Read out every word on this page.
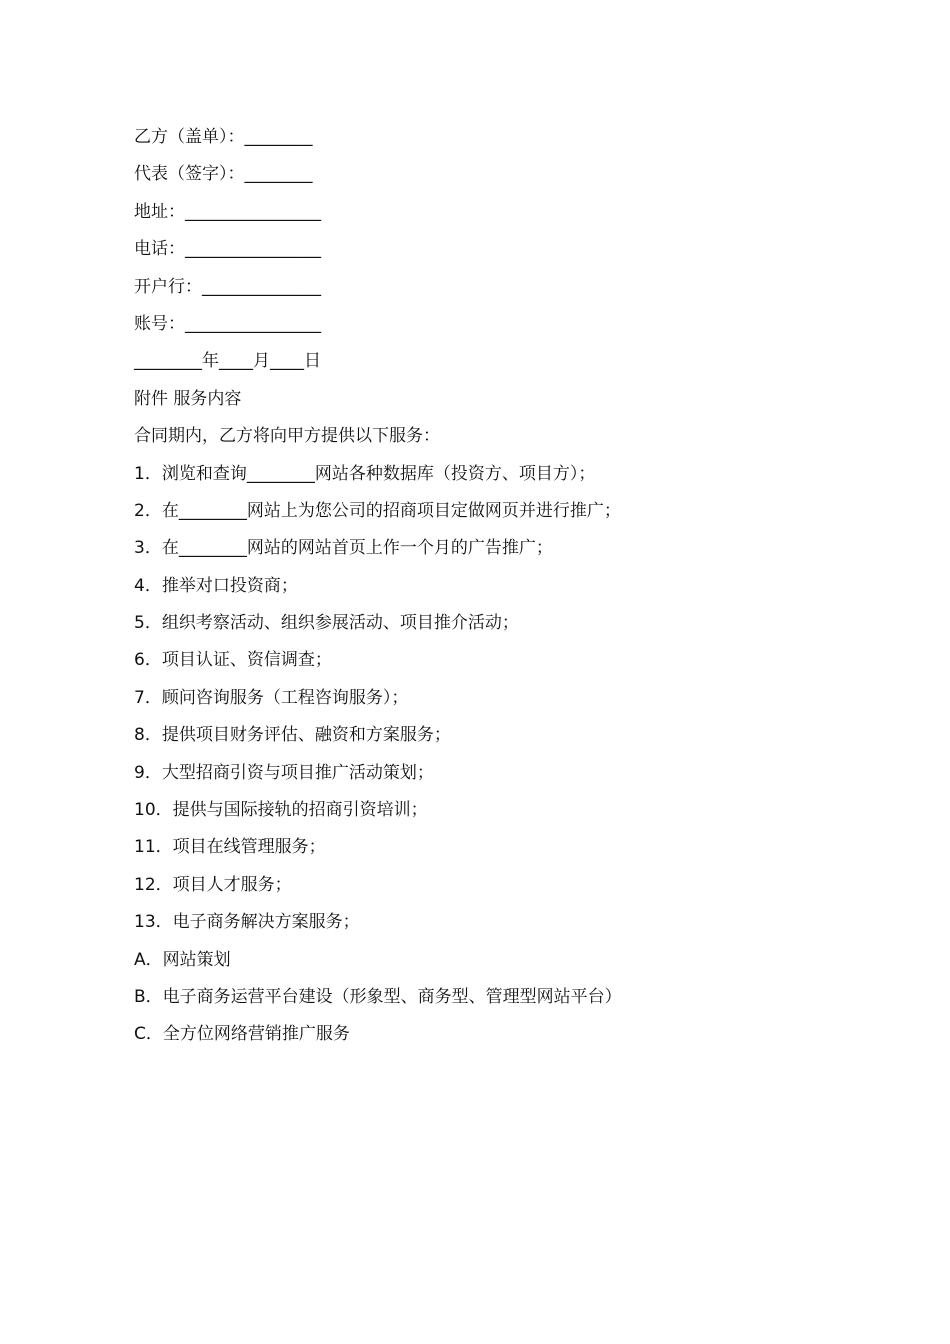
乙方（盖单）：________
代表（签字）：________
地址：________________
电话：________________
开户行：______________
账号：________________
________年____月____日
附件 服务内容
合同期内，乙方将向甲方提供以下服务：
1．浏览和查询________网站各种数据库（投资方、项目方）；
2．在________网站上为您公司的招商项目定做网页并进行推广；
3．在________网站的网站首页上作一个月的广告推广；
4．推举对口投资商；
5．组织考察活动、组织参展活动、项目推介活动；
6．项目认证、资信调查；
7．顾问咨询服务（工程咨询服务）；
8．提供项目财务评估、融资和方案服务；
9．大型招商引资与项目推广活动策划；
10．提供与国际接轨的招商引资培训；
11．项目在线管理服务；
12．项目人才服务；
13．电子商务解决方案服务；
A．网站策划
B．电子商务运营平台建设（形象型、商务型、管理型网站平台）
C．全方位网络营销推广服务
